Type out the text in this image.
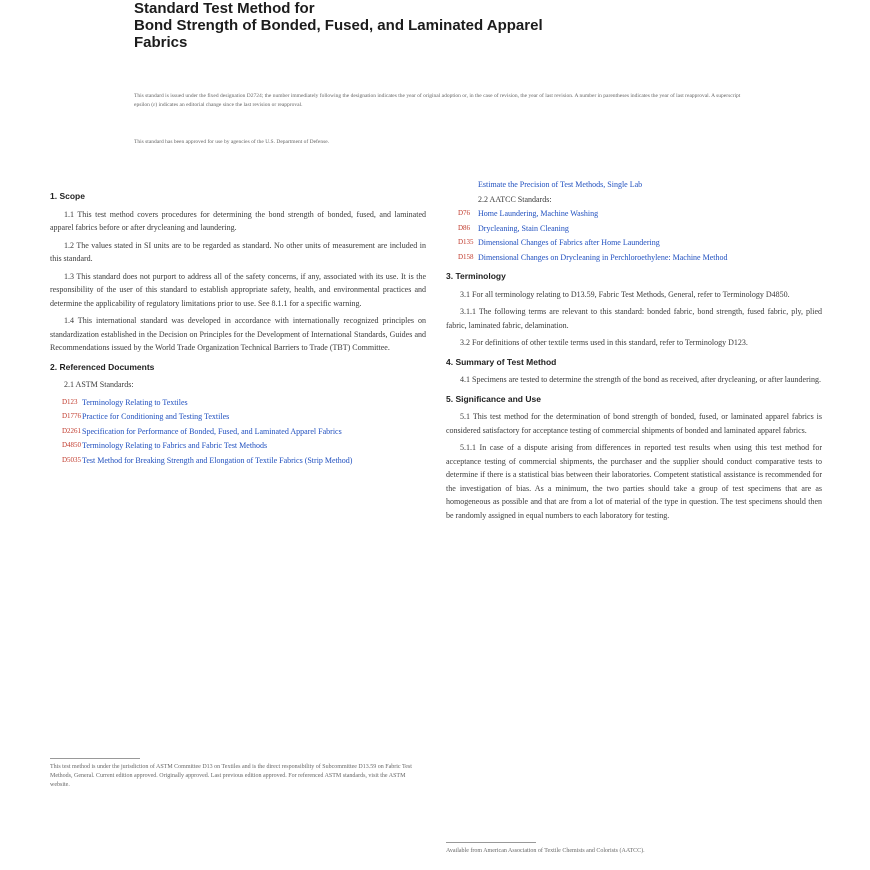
Standard Test Method for
Bond Strength of Bonded, Fused, and Laminated Apparel
Fabrics
This standard is issued under the fixed designation D2724; the number immediately following the designation indicates the year of original adoption or, in the case of revision, the year of last revision. A number in parentheses indicates the year of last reapproval. A superscript epsilon (ε) indicates an editorial change since the last revision or reapproval.
This standard has been approved for use by agencies of the U.S. Department of Defense.
1. Scope
1.1 This test method covers procedures for determining the bond strength of bonded, fused, and laminated apparel fabrics before or after drycleaning and laundering.
1.2 The values stated in SI units are to be regarded as standard. No other units of measurement are included in this standard.
1.3 This standard does not purport to address all of the safety concerns, if any, associated with its use. It is the responsibility of the user of this standard to establish appropriate safety, health, and environmental practices and determine the applicability of regulatory limitations prior to use. See 8.1.1 for a specific warning.
1.4 This international standard was developed in accordance with internationally recognized principles on standardization established in the Decision on Principles for the Development of International Standards, Guides and Recommendations issued by the World Trade Organization Technical Barriers to Trade (TBT) Committee.
2. Referenced Documents
2.1 ASTM Standards:
D123 Terminology Relating to Textiles
D1776 Practice for Conditioning and Testing Textiles
D2261 Specification for Performance of Bonded, Fused, and Laminated Apparel Fabrics
D4850 Terminology Relating to Fabrics and Fabric Test Methods
D5035 Test Method for Breaking Strength and Elongation of Textile Fabrics (Strip Method)
Estimate the Precision of Test Methods, Single Lab
2.2 AATCC Standards:
D76 Home Laundering, Machine Washing
D86 Drycleaning, Stain Cleaning
D135 Dimensional Changes of Fabrics after Home Laundering
D158 Dimensional Changes on Drycleaning in Perchloroethylene: Machine Method
3. Terminology
3.1 For all terminology relating to D13.59, Fabric Test Methods, General, refer to Terminology D4850.
3.1.1 The following terms are relevant to this standard: bonded fabric, bond strength, fused fabric, ply, plied fabric, laminated fabric, delamination.
3.2 For definitions of other textile terms used in this standard, refer to Terminology D123.
4. Summary of Test Method
4.1 Specimens are tested to determine the strength of the bond as received, after drycleaning, or after laundering.
5. Significance and Use
5.1 This test method for the determination of bond strength of bonded, fused, or laminated apparel fabrics is considered satisfactory for acceptance testing of commercial shipments of bonded and laminated apparel fabrics.
5.1.1 In case of a dispute arising from differences in reported test results when using this test method for acceptance testing of commercial shipments, the purchaser and the supplier should conduct comparative tests to determine if there is a statistical bias between their laboratories. Competent statistical assistance is recommended for the investigation of bias. As a minimum, the two parties should take a group of test specimens that are as homogeneous as possible and that are from a lot of material of the type in question. The test specimens should then be randomly assigned in equal numbers to each laboratory for testing.
This test method is under the jurisdiction of ASTM Committee D13 on Textiles and is the direct responsibility of Subcommittee D13.59 on Fabric Test Methods, General. Current edition approved. Originally approved. Last previous edition approved. For referenced ASTM standards, visit the ASTM website.
Available from American Association of Textile Chemists and Colorists (AATCC).
